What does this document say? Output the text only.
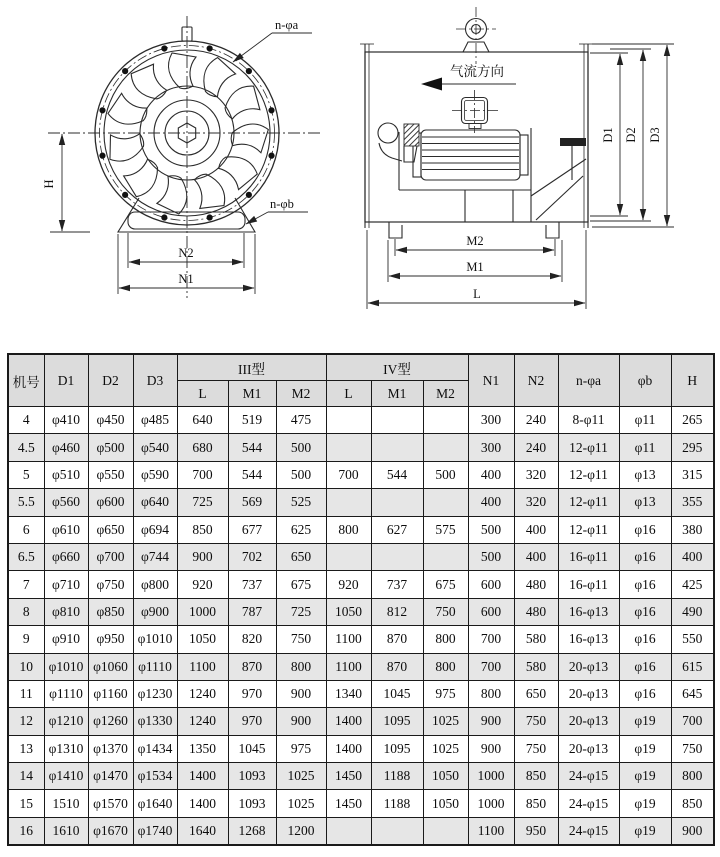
H
N2
N1
n-φa
n-φb
气流方向
D1 D2 D3
M2
M1
L
机号	D1	D2	D3	III型			IV型			N1	N2	n-φa	φb	H
				L	M1	M2	L	M1	M2					
4	φ410	φ450	φ485	640	519	475				300	240	8-φ11	φ11	265
4.5	φ460	φ500	φ540	680	544	500				300	240	12-φ11	φ11	295
5	φ510	φ550	φ590	700	544	500	700	544	500	400	320	12-φ11	φ13	315
5.5	φ560	φ600	φ640	725	569	525				400	320	12-φ11	φ13	355
6	φ610	φ650	φ694	850	677	625	800	627	575	500	400	12-φ11	φ16	380
6.5	φ660	φ700	φ744	900	702	650				500	400	16-φ11	φ16	400
7	φ710	φ750	φ800	920	737	675	920	737	675	600	480	16-φ11	φ16	425
8	φ810	φ850	φ900	1000	787	725	1050	812	750	600	480	16-φ13	φ16	490
9	φ910	φ950	φ1010	1050	820	750	1100	870	800	700	580	16-φ13	φ16	550
10	φ1010	φ1060	φ1110	1100	870	800	1100	870	800	700	580	20-φ13	φ16	615
11	φ1110	φ1160	φ1230	1240	970	900	1340	1045	975	800	650	20-φ13	φ16	645
12	φ1210	φ1260	φ1330	1240	970	900	1400	1095	1025	900	750	20-φ13	φ19	700
13	φ1310	φ1370	φ1434	1350	1045	975	1400	1095	1025	900	750	20-φ13	φ19	750
14	φ1410	φ1470	φ1534	1400	1093	1025	1450	1188	1050	1000	850	24-φ15	φ19	800
15	1510	φ1570	φ1640	1400	1093	1025	1450	1188	1050	1000	850	24-φ15	φ19	850
16	1610	φ1670	φ1740	1640	1268	1200				1100	950	24-φ15	φ19	900
